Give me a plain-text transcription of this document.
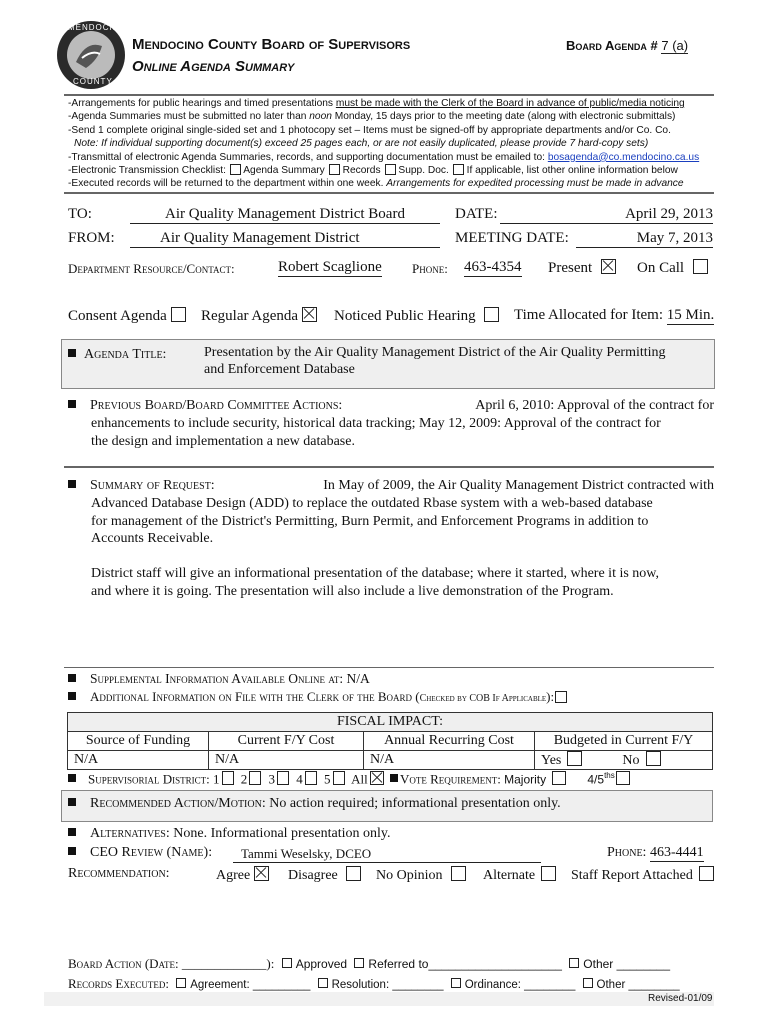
MENDOCINO
COUNTY
Mendocino County Board of Supervisors
Online Agenda Summary
Board Agenda # 7 (a)
-Arrangements for public hearings and timed presentations must be made with the Clerk of the Board in advance of public/media noticing
-Agenda Summaries must be submitted no later than noon Monday, 15 days prior to the meeting date (along with electronic submittals)
-Send 1 complete original single-sided set and 1 photocopy set – Items must be signed-off by appropriate departments and/or Co. Co.
Note: If individual supporting document(s) exceed 25 pages each, or are not easily duplicated, please provide 7 hard-copy sets)
-Transmittal of electronic Agenda Summaries, records, and supporting documentation must be emailed to: bosagenda@co.mendocino.ca.us
-Electronic Transmission Checklist: Agenda Summary Records Supp. Doc. If applicable, list other online information below
-Executed records will be returned to the department within one week. Arrangements for expedited processing must be made in advance
TO:	Air Quality Management District Board	DATE:	April 29, 2013
FROM:	Air Quality Management District	MEETING DATE:	May 7, 2013
Department Resource/Contact:	Robert Scaglione Phone: 463-4354 Present	On Call
Consent Agenda	Regular Agenda	Noticed Public Hearing	Time Allocated for Item: 15 Min.
Agenda Title:	Presentation by the Air Quality Management District of the Air Quality Permitting
and Enforcement Database
Previous Board/Board Committee Actions:	April 6, 2010: Approval of the contract for
enhancements to include security, historical data tracking; May 12, 2009: Approval of the contract for
the design and implementation a new database.
Summary of Request:	In May of 2009, the Air Quality Management District contracted with
Advanced Database Design (ADD) to replace the outdated Rbase system with a web-based database
for management of the District's Permitting, Burn Permit, and Enforcement Programs in addition to
Accounts Receivable.
District staff will give an informational presentation of the database; where it started, where it is now,
and where it is going. The presentation will also include a live demonstration of the Program.
Supplemental Information Available Online at: N/A
Additional Information on File with the Clerk of the Board (Checked by COB If Applicable):
FISCAL IMPACT:
Source of Funding	Current F/Y Cost	Annual Recurring Cost	Budgeted in Current F/Y
N/A	N/A	N/A	Yes No
Supervisorial District: 1 2 3 4 5 All Vote Requirement: Majority	$4/5^{ths}$
Recommended Action/Motion: No action required; informational presentation only.
Alternatives: None. Informational presentation only.
CEO Review (Name):	Tammi Weselsky, DCEO	Phone: 463-4441
Recommendation:	Agree	Disagree	No Opinion	Alternate	Staff Report Attached
Board Action (Date: _____________): Approved Referred to____________________ Other ________
Records Executed: Agreement: _________ Resolution: ________ Ordinance: ________ Other ________
Revised-01/09
